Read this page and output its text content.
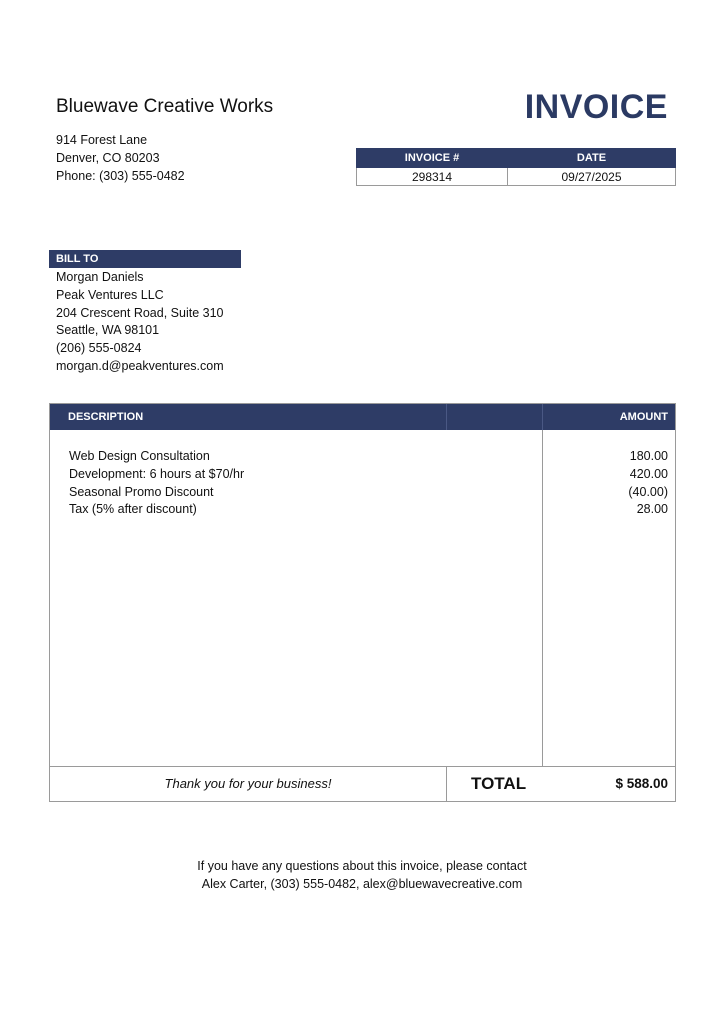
Bluewave Creative Works
914 Forest Lane
Denver, CO 80203
Phone: (303) 555-0482
INVOICE
INVOICE #	DATE
298314	09/27/2025
BILL TO
Morgan Daniels
Peak Ventures LLC
204 Crescent Road, Suite 310
Seattle, WA 98101
(206) 555-0824
morgan.d@peakventures.com
DESCRIPTION	AMOUNT
Web Design Consultation	180.00
Development: 6 hours at $70/hr	420.00
Seasonal Promo Discount	(40.00)
Tax (5% after discount)	28.00
Thank you for your business!	TOTAL	$ 588.00
If you have any questions about this invoice, please contact
Alex Carter, (303) 555-0482, alex@bluewavecreative.com
